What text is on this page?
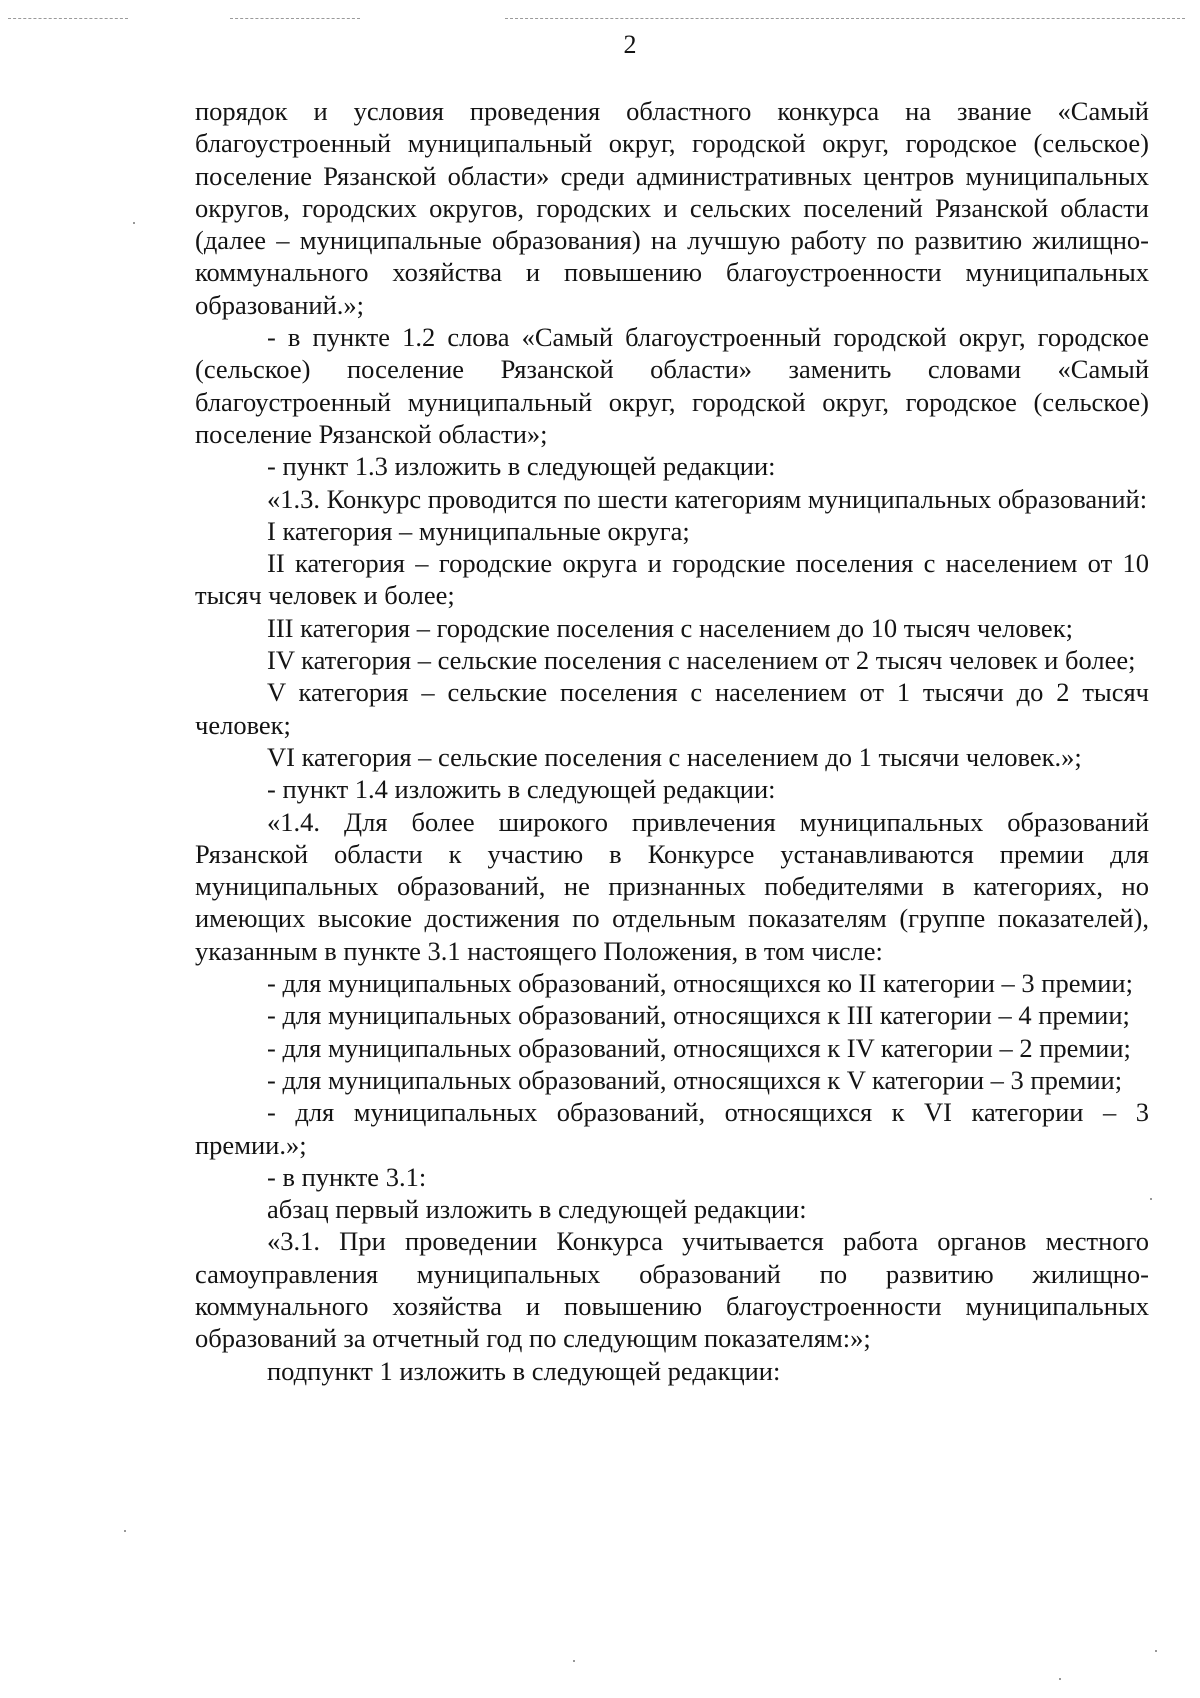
2

порядок и условия проведения областного конкурса на звание «Самый благоустроенный муниципальный округ, городской округ, городское (сельское) поселение Рязанской области» среди административных центров муниципальных округов, городских округов, городских и сельских поселений Рязанской области (далее – муниципальные образования) на лучшую работу по развитию жилищно-коммунального хозяйства и повышению благоустроенности муниципальных образований.»;

- в пункте 1.2 слова «Самый благоустроенный городской округ, городское (сельское) поселение Рязанской области» заменить словами «Самый благоустроенный муниципальный округ, городской округ, городское (сельское) поселение Рязанской области»;

- пункт 1.3 изложить в следующей редакции:

«1.3. Конкурс проводится по шести категориям муниципальных образований:

I категория – муниципальные округа;

II категория – городские округа и городские поселения с населением от 10 тысяч человек и более;

III категория – городские поселения с населением до 10 тысяч человек;

IV категория – сельские поселения с населением от 2 тысяч человек и более;

V категория – сельские поселения с населением от 1 тысячи до 2 тысяч человек;

VI категория – сельские поселения с населением до 1 тысячи человек.»;

- пункт 1.4 изложить в следующей редакции:

«1.4. Для более широкого привлечения муниципальных образований Рязанской области к участию в Конкурсе устанавливаются премии для муниципальных образований, не признанных победителями в категориях, но имеющих высокие достижения по отдельным показателям (группе показателей), указанным в пункте 3.1 настоящего Положения, в том числе:

- для муниципальных образований, относящихся ко II категории – 3 премии;

- для муниципальных образований, относящихся к III категории – 4 премии;

- для муниципальных образований, относящихся к IV категории – 2 премии;

- для муниципальных образований, относящихся к V категории – 3 премии;

- для муниципальных образований, относящихся к VI категории – 3 премии.»;

- в пункте 3.1:

абзац первый изложить в следующей редакции:

«3.1. При проведении Конкурса учитывается работа органов местного самоуправления муниципальных образований по развитию жилищно-коммунального хозяйства и повышению благоустроенности муниципальных образований за отчетный год по следующим показателям:»;

подпункт 1 изложить в следующей редакции:
